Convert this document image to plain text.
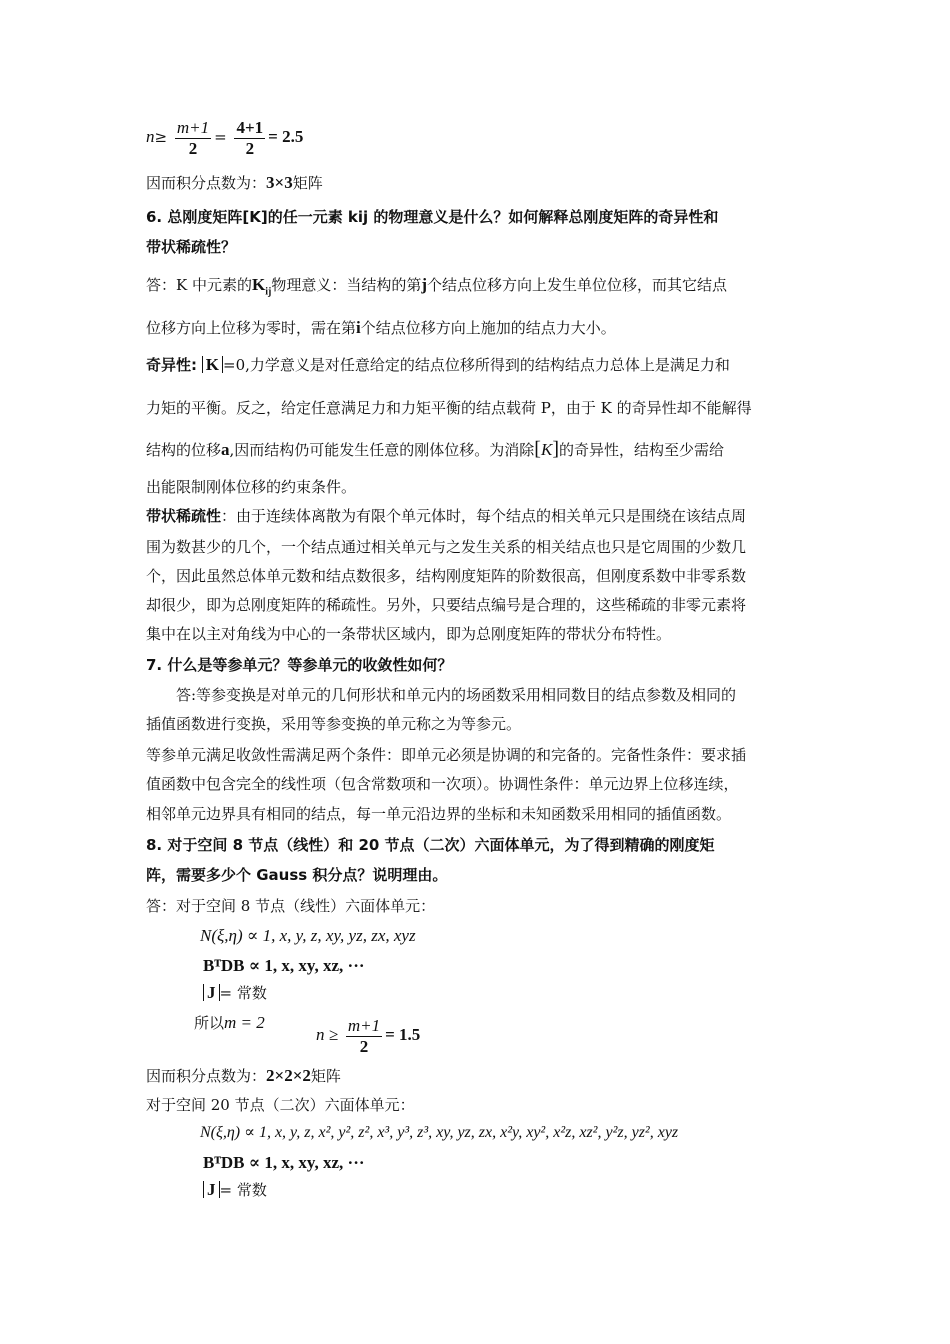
$n\ge \frac{m+1}{2} = \frac{4+1}{2} = 2.5$
因而积分点数为：3×3矩阵
6. 总刚度矩阵[K]的任一元素 kij 的物理意义是什么？如何解释总刚度矩阵的奇异性和
带状稀疏性？
答：K 中元素的$K_{ij}$物理意义：当结构的第j个结点位移方向上发生单位位移，而其它结点
位移方向上位移为零时，需在第i个结点位移方向上施加的结点力大小。
奇异性: K =0,力学意义是对任意给定的结点位移所得到的结构结点力总体上是满足力和
力矩的平衡。反之，给定任意满足力和力矩平衡的结点载荷 P，由于 K 的奇异性却不能解得
结构的位移a,因而结构仍可能发生任意的刚体位移。为消除[K]的奇异性，结构至少需给
出能限制刚体位移的约束条件。
带状稀疏性：由于连续体离散为有限个单元体时，每个结点的相关单元只是围绕在该结点周
围为数甚少的几个，一个结点通过相关单元与之发生关系的相关结点也只是它周围的少数几
个，因此虽然总体单元数和结点数很多，结构刚度矩阵的阶数很高，但刚度系数中非零系数
却很少，即为总刚度矩阵的稀疏性。另外，只要结点编号是合理的，这些稀疏的非零元素将
集中在以主对角线为中心的一条带状区域内，即为总刚度矩阵的带状分布特性。
7. 什么是等参单元？等参单元的收敛性如何？
答:等参变换是对单元的几何形状和单元内的场函数采用相同数目的结点参数及相同的
插值函数进行变换，采用等参变换的单元称之为等参元。
等参单元满足收敛性需满足两个条件：即单元必须是协调的和完备的。完备性条件：要求插
值函数中包含完全的线性项（包含常数项和一次项）。协调性条件：单元边界上位移连续，
相邻单元边界具有相同的结点，每一单元沿边界的坐标和未知函数采用相同的插值函数。
8. 对于空间 8 节点（线性）和 20 节点（二次）六面体单元，为了得到精确的刚度矩
阵，需要多少个 Gauss 积分点？说明理由。
答：对于空间 8 节点（线性）六面体单元：
N(ξ,η) ∝ 1, x, y, z, xy, yz, zx, xyz
BᵀDB ∝ 1, x, xy, xz, ···
J = 常数
所以m = 2
$n \ge \frac{m+1}{2} = 1.5$
因而积分点数为：2×2×2矩阵
对于空间 20 节点（二次）六面体单元：
N(ξ,η) ∝ 1, x, y, z, x², y², z², x³, y³, z³, xy, yz, zx, x²y, xy², x²z, xz², y²z, yz², xyz
BᵀDB ∝ 1, x, xy, xz, ···
J = 常数
